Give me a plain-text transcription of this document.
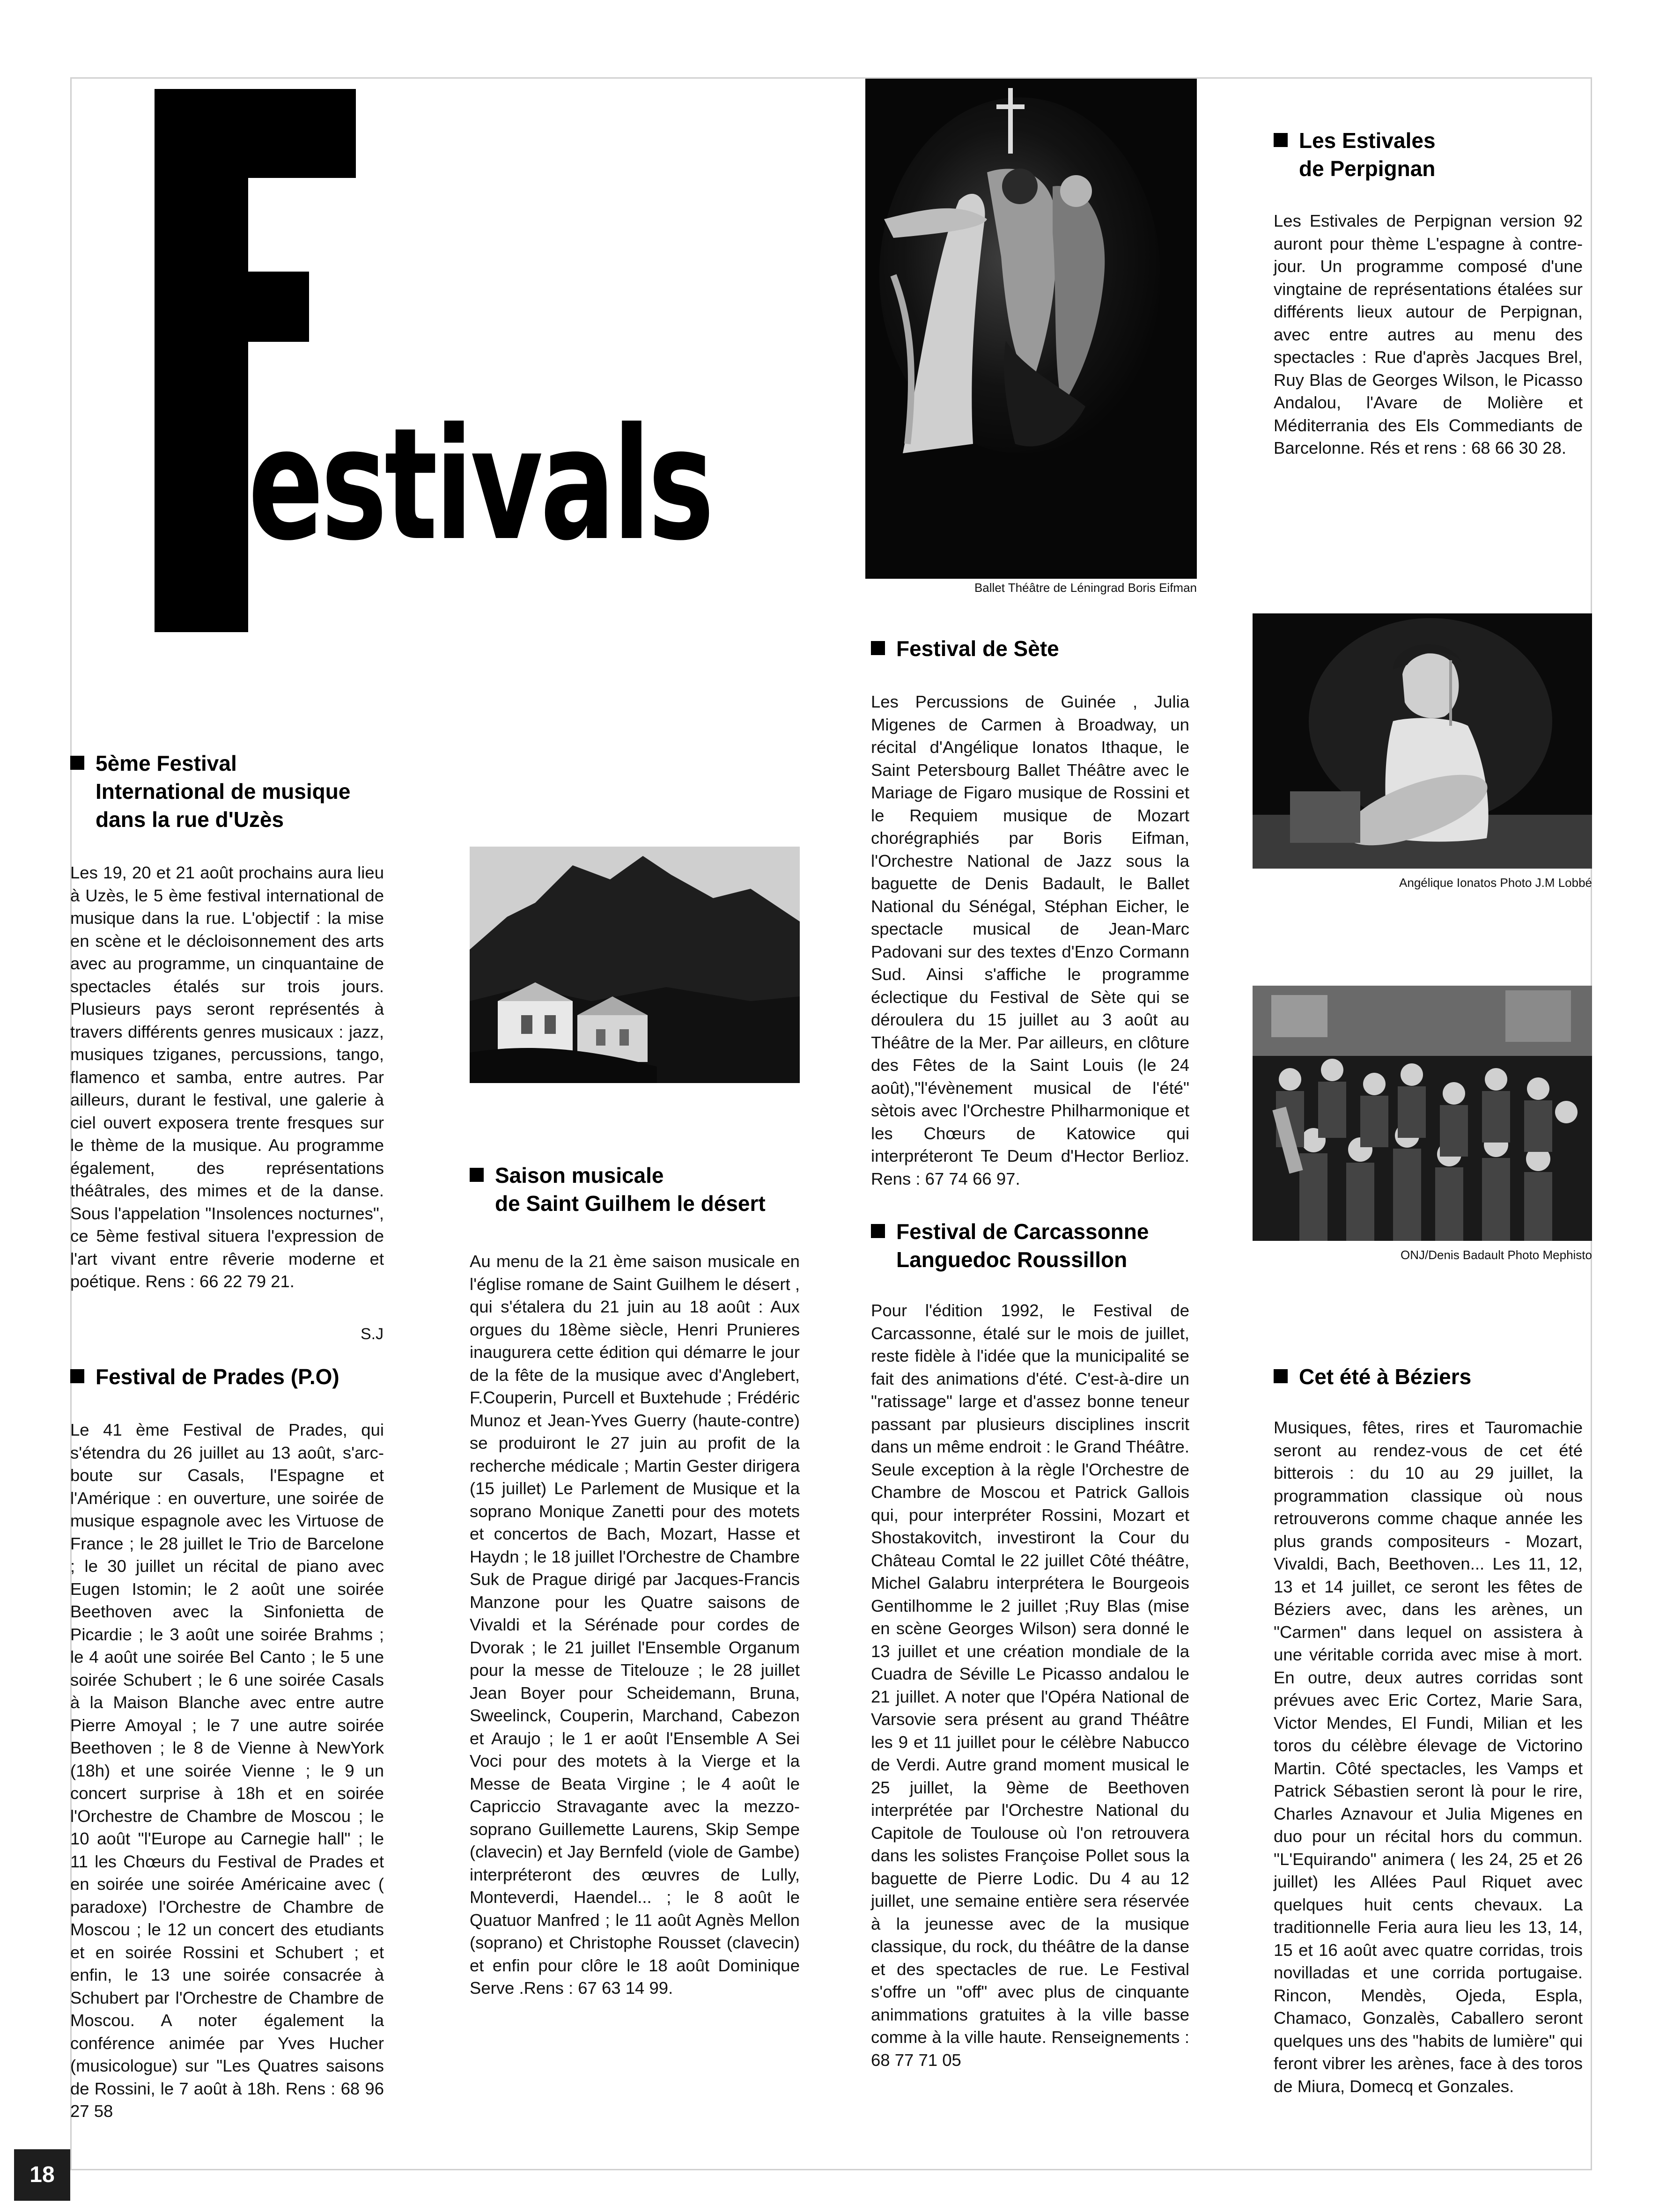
estivals
Ballet Théâtre de Léningrad Boris Eifman
Angélique Ionatos Photo J.M Lobbé
ONJ/Denis Badault Photo Mephisto
5ème Festival
International de musique
dans la rue d'Uzès
Les 19, 20 et 21 août prochains aura lieu à Uzès, le 5 ème festival international de musique dans la rue. L'objectif : la mise en scène et le décloisonnement des arts avec au programme, un cinquantaine de spectacles étalés sur trois jours. Plusieurs pays seront représentés à travers différents genres musicaux : jazz, musiques tziganes, percussions, tango, flamenco et samba, entre autres. Par ailleurs, durant le festival, une galerie à ciel ouvert exposera trente fresques sur le thème de la musique. Au programme également, des représentations théâtrales, des mimes et de la danse. Sous l'appelation "Insolences nocturnes", ce 5ème festival situera l'expression de l'art vivant entre rêverie moderne et poétique. Rens : 66 22 79 21.
S.J
Festival de Prades (P.O)
Le 41 ème Festival de Prades, qui s'étendra du 26 juillet au 13 août, s'arc-boute sur Casals, l'Espagne et l'Amérique : en ouverture, une soirée de musique espagnole avec les Virtuose de France ; le 28 juillet le Trio de Barcelone ; le 30 juillet un récital de piano avec Eugen Istomin; le 2 août une soirée Beethoven avec la Sinfonietta de Picardie ; le 3 août une soirée Brahms ; le 4 août une soirée Bel Canto ; le 5 une soirée Schubert ; le 6 une soirée Casals à la Maison Blanche avec entre autre Pierre Amoyal ; le 7 une autre soirée Beethoven ; le 8 de Vienne à NewYork (18h) et une soirée Vienne ; le 9 un concert surprise à 18h et en soirée l'Orchestre de Chambre de Moscou ; le 10 août "l'Europe au Carnegie hall" ; le 11 les Chœurs du Festival de Prades et en soirée une soirée Américaine avec ( paradoxe) l'Orchestre de Chambre de Moscou ; le 12 un concert des etudiants et en soirée Rossini et Schubert ; et enfin, le 13 une soirée consacrée à Schubert par l'Orchestre de Chambre de Moscou. A noter également la conférence animée par Yves Hucher (musicologue) sur "Les Quatres saisons de Rossini, le 7 août à 18h. Rens : 68 96 27 58
Saison musicale
de Saint Guilhem le désert
Au menu de la 21 ème saison musicale en l'église romane de Saint Guilhem le désert , qui s'étalera du 21 juin au 18 août : Aux orgues du 18ème siècle, Henri Prunieres inaugurera cette édition qui démarre le jour de la fête de la musique avec d'Anglebert, F.Couperin, Purcell et Buxtehude ; Frédéric Munoz et Jean-Yves Guerry (haute-contre) se produiront le 27 juin au profit de la recherche médicale ; Martin Gester dirigera (15 juillet) Le Parlement de Musique et la soprano Monique Zanetti pour des motets et concertos de Bach, Mozart, Hasse et Haydn ; le 18 juillet l'Orchestre de Chambre Suk de Prague dirigé par Jacques-Francis Manzone pour les Quatre saisons de Vivaldi et la Sérénade pour cordes de Dvorak ; le 21 juillet l'Ensemble Organum pour la messe de Titelouze ; le 28 juillet Jean Boyer pour Scheidemann, Bruna, Sweelinck, Couperin, Marchand, Cabezon et Araujo ; le 1 er août l'Ensemble A Sei Voci pour des motets à la Vierge et la Messe de Beata Virgine ; le 4 août le Capriccio Stravagante avec la mezzo-soprano Guillemette Laurens, Skip Sempe (clavecin) et Jay Bernfeld (viole de Gambe) interpréteront des œuvres de Lully, Monteverdi, Haendel... ; le 8 août le Quatuor Manfred ; le 11 août Agnès Mellon (soprano) et Christophe Rousset (clavecin) et enfin pour clôre le 18 août Dominique Serve .Rens : 67 63 14 99.
Festival de Sète
Les Percussions de Guinée , Julia Migenes de Carmen à Broadway, un récital d'Angélique Ionatos Ithaque, le Saint Petersbourg Ballet Théâtre avec le Mariage de Figaro musique de Rossini et le Requiem musique de Mozart chorégraphiés par Boris Eifman, l'Orchestre National de Jazz sous la baguette de Denis Badault, le Ballet National du Sénégal, Stéphan Eicher, le spectacle musical de Jean-Marc Padovani sur des textes d'Enzo Cormann Sud. Ainsi s'affiche le programme éclectique du Festival de Sète qui se déroulera du 15 juillet au 3 août au Théâtre de la Mer. Par ailleurs, en clôture des Fêtes de la Saint Louis (le 24 août),"l'évènement musical de l'été" sètois avec l'Orchestre Philharmonique et les Chœurs de Katowice qui interpréteront Te Deum d'Hector Berlioz. Rens : 67 74 66 97.
Festival de Carcassonne
Languedoc Roussillon
Pour l'édition 1992, le Festival de Carcassonne, étalé sur le mois de juillet, reste fidèle à l'idée que la municipalité se fait des animations d'été. C'est-à-dire un "ratissage" large et d'assez bonne teneur passant par plusieurs disciplines inscrit dans un même endroit : le Grand Théâtre. Seule exception à la règle l'Orchestre de Chambre de Moscou et Patrick Gallois qui, pour interpréter Rossini, Mozart et Shostakovitch, investiront la Cour du Château Comtal le 22 juillet Côté théâtre, Michel Galabru interprétera le Bourgeois Gentilhomme le 2 juillet ;Ruy Blas (mise en scène Georges Wilson) sera donné le 13 juillet et une création mondiale de la Cuadra de Séville Le Picasso andalou le 21 juillet. A noter que l'Opéra National de Varsovie sera présent au grand Théâtre les 9 et 11 juillet pour le célèbre Nabucco de Verdi. Autre grand moment musical le 25 juillet, la 9ème de Beethoven interprétée par l'Orchestre National du Capitole de Toulouse où l'on retrouvera dans les solistes Françoise Pollet sous la baguette de Pierre Lodic. Du 4 au 12 juillet, une semaine entière sera réservée à la jeunesse avec de la musique classique, du rock, du théâtre de la danse et des spectacles de rue. Le Festival s'offre un "off" avec plus de cinquante animmations gratuites à la ville basse comme à la ville haute. Renseignements : 68 77 71 05
Les Estivales
de Perpignan
Les Estivales de Perpignan version 92 auront pour thème L'espagne à contre-jour. Un programme composé d'une vingtaine de représentations étalées sur différents lieux autour de Perpignan, avec entre autres au menu des spectacles : Rue d'après Jacques Brel, Ruy Blas de Georges Wilson, le Picasso Andalou, l'Avare de Molière et Méditerrania des Els Commediants de Barcelonne. Rés et rens : 68 66 30 28.
Cet été à Béziers
Musiques, fêtes, rires et Tauromachie seront au rendez-vous de cet été bitterois : du 10 au 29 juillet, la programmation classique où nous retrouverons comme chaque année les plus grands compositeurs - Mozart, Vivaldi, Bach, Beethoven... Les 11, 12, 13 et 14 juillet, ce seront les fêtes de Béziers avec, dans les arènes, un "Carmen" dans lequel on assistera à une véritable corrida avec mise à mort. En outre, deux autres corridas sont prévues avec Eric Cortez, Marie Sara, Victor Mendes, El Fundi, Milian et les toros du célèbre élevage de Victorino Martin. Côté spectacles, les Vamps et Patrick Sébastien seront là pour le rire, Charles Aznavour et Julia Migenes en duo pour un récital hors du commun. "L'Equirando" animera ( les 24, 25 et 26 juillet) les Allées Paul Riquet avec quelques huit cents chevaux. La traditionnelle Feria aura lieu les 13, 14, 15 et 16 août avec quatre corridas, trois novilladas et une corrida portugaise. Rincon, Mendès, Ojeda, Espla, Chamaco, Gonzalès, Caballero seront quelques uns des "habits de lumière" qui feront vibrer les arènes, face à des toros de Miura, Domecq et Gonzales.
18
